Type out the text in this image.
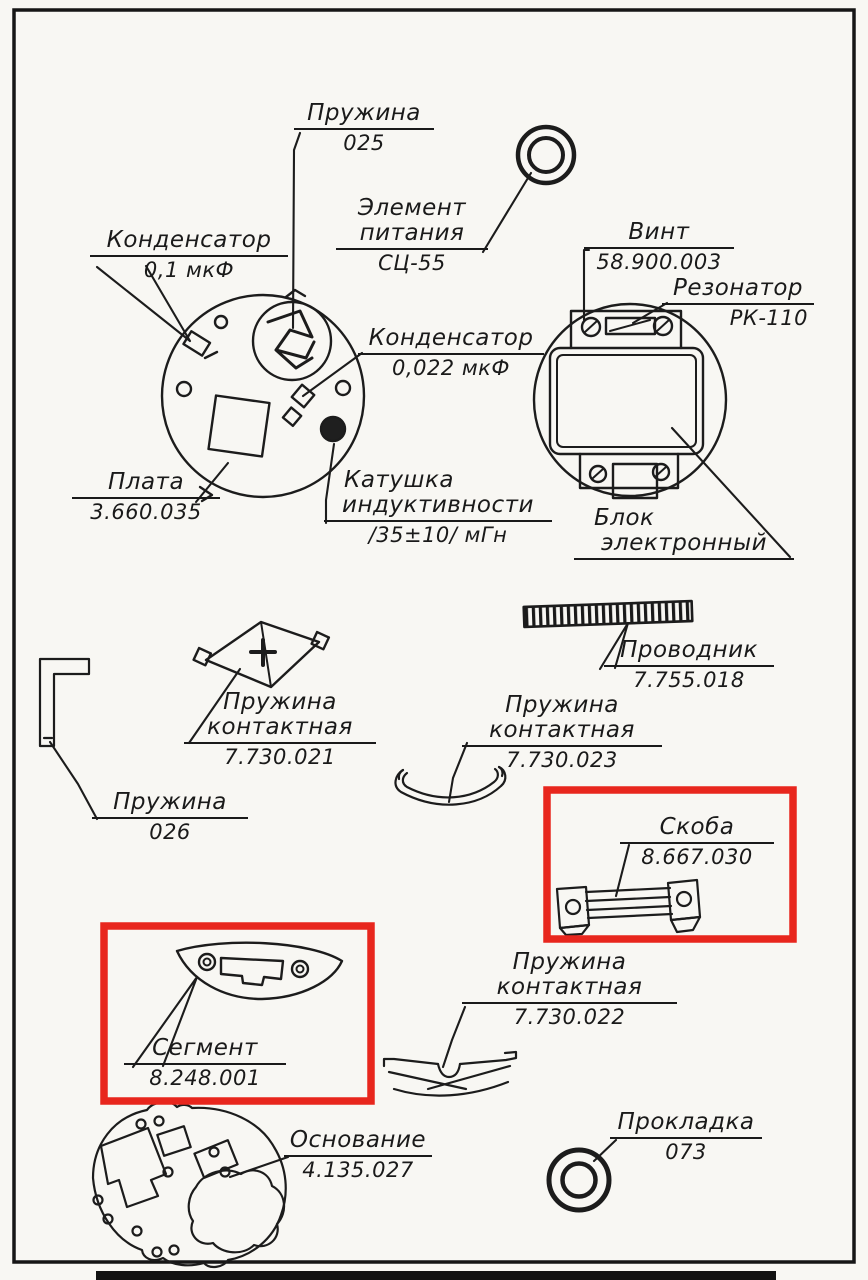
Пружина
025
Элемент
питания
СЦ-55
Конденсатор
0,1 мкФ
Винт
58.900.003
Резонатор
РК-110
Конденсатор
0,022 мкФ
Плата
3.660.035
Катушка
индуктивности
/35±10/ мГн
Блок
электронный
Проводник
7.755.018
Пружина
контактная
7.730.021
Пружина
контактная
7.730.023
Пружина
026	Скоба
8.667.030
Сегмент
8.248.001
Пружина
контактная
7.730.022
Основание
4.135.027
Прокладка
073
